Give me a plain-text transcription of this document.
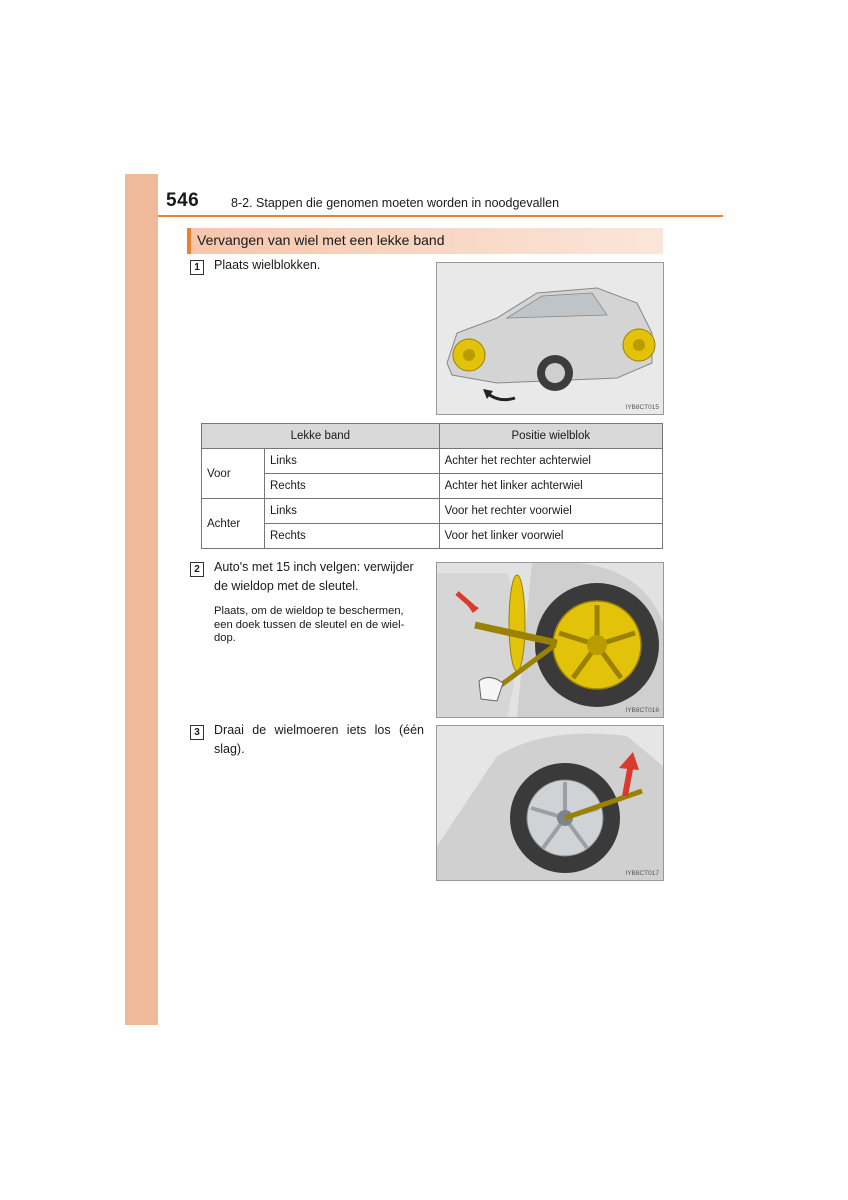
546	8-2. Stappen die genomen moeten worden in noodgevallen
Vervangen van wiel met een lekke band
1	Plaats wielblokken.
IYB8CT015
Lekke band		Positie wielblok
Voor	Links	Achter het rechter achterwiel
	Rechts	Achter het linker achterwiel
Achter	Links	Voor het rechter voorwiel
	Rechts	Voor het linker voorwiel
2	Auto's met 15 inch velgen: verwijder
de wieldop met de sleutel.
Plaats, om de wieldop te beschermen,
een doek tussen de sleutel en de wiel-
dop.
IYB8CT016
3	Draai de wielmoeren iets los (één
slag).
IYB8CT017
